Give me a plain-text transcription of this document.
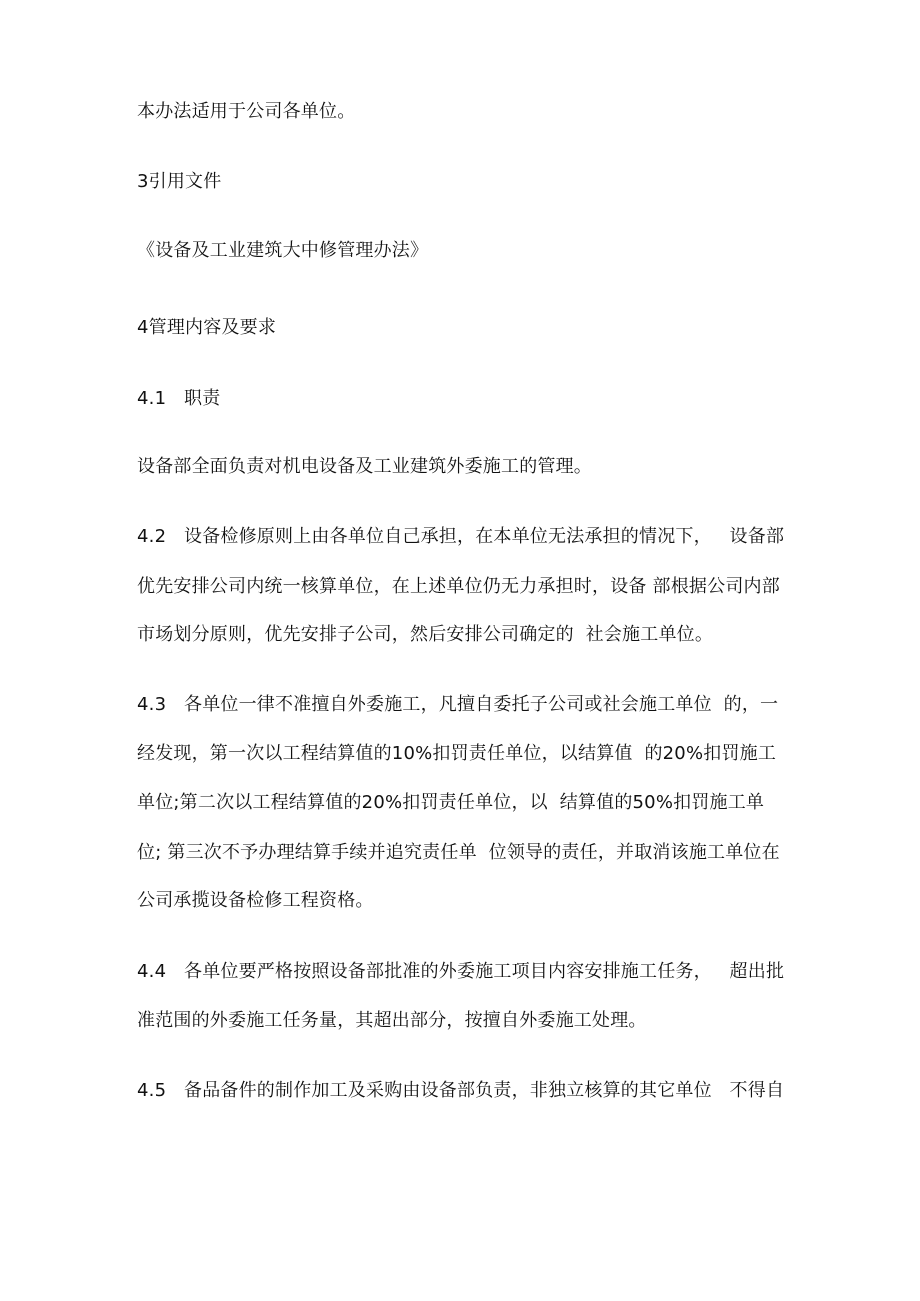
本办法适用于公司各单位。
3引用文件
《设备及工业建筑大中修管理办法》
4管理内容及要求
4.1   职责
设备部全面负责对机电设备及工业建筑外委施工的管理。
4.2   设备检修原则上由各单位自己承担，在本单位无法承担的情况下，   设备部
优先安排公司内统一核算单位，在上述单位仍无力承担时，设备 部根据公司内部
市场划分原则，优先安排子公司，然后安排公司确定的  社会施工单位。
4.3   各单位一律不准擅自外委施工，凡擅自委托子公司或社会施工单位  的，一
经发现，第一次以工程结算值的10%扣罚责任单位，以结算值  的20%扣罚施工
单位;第二次以工程结算值的20%扣罚责任单位，以  结算值的50%扣罚施工单
位; 第三次不予办理结算手续并追究责任单  位领导的责任，并取消该施工单位在
公司承揽设备检修工程资格。
4.4   各单位要严格按照设备部批准的外委施工项目内容安排施工任务，   超出批
准范围的外委施工任务量，其超出部分，按擅自外委施工处理。
4.5   备品备件的制作加工及采购由设备部负责，非独立核算的其它单位   不得自
